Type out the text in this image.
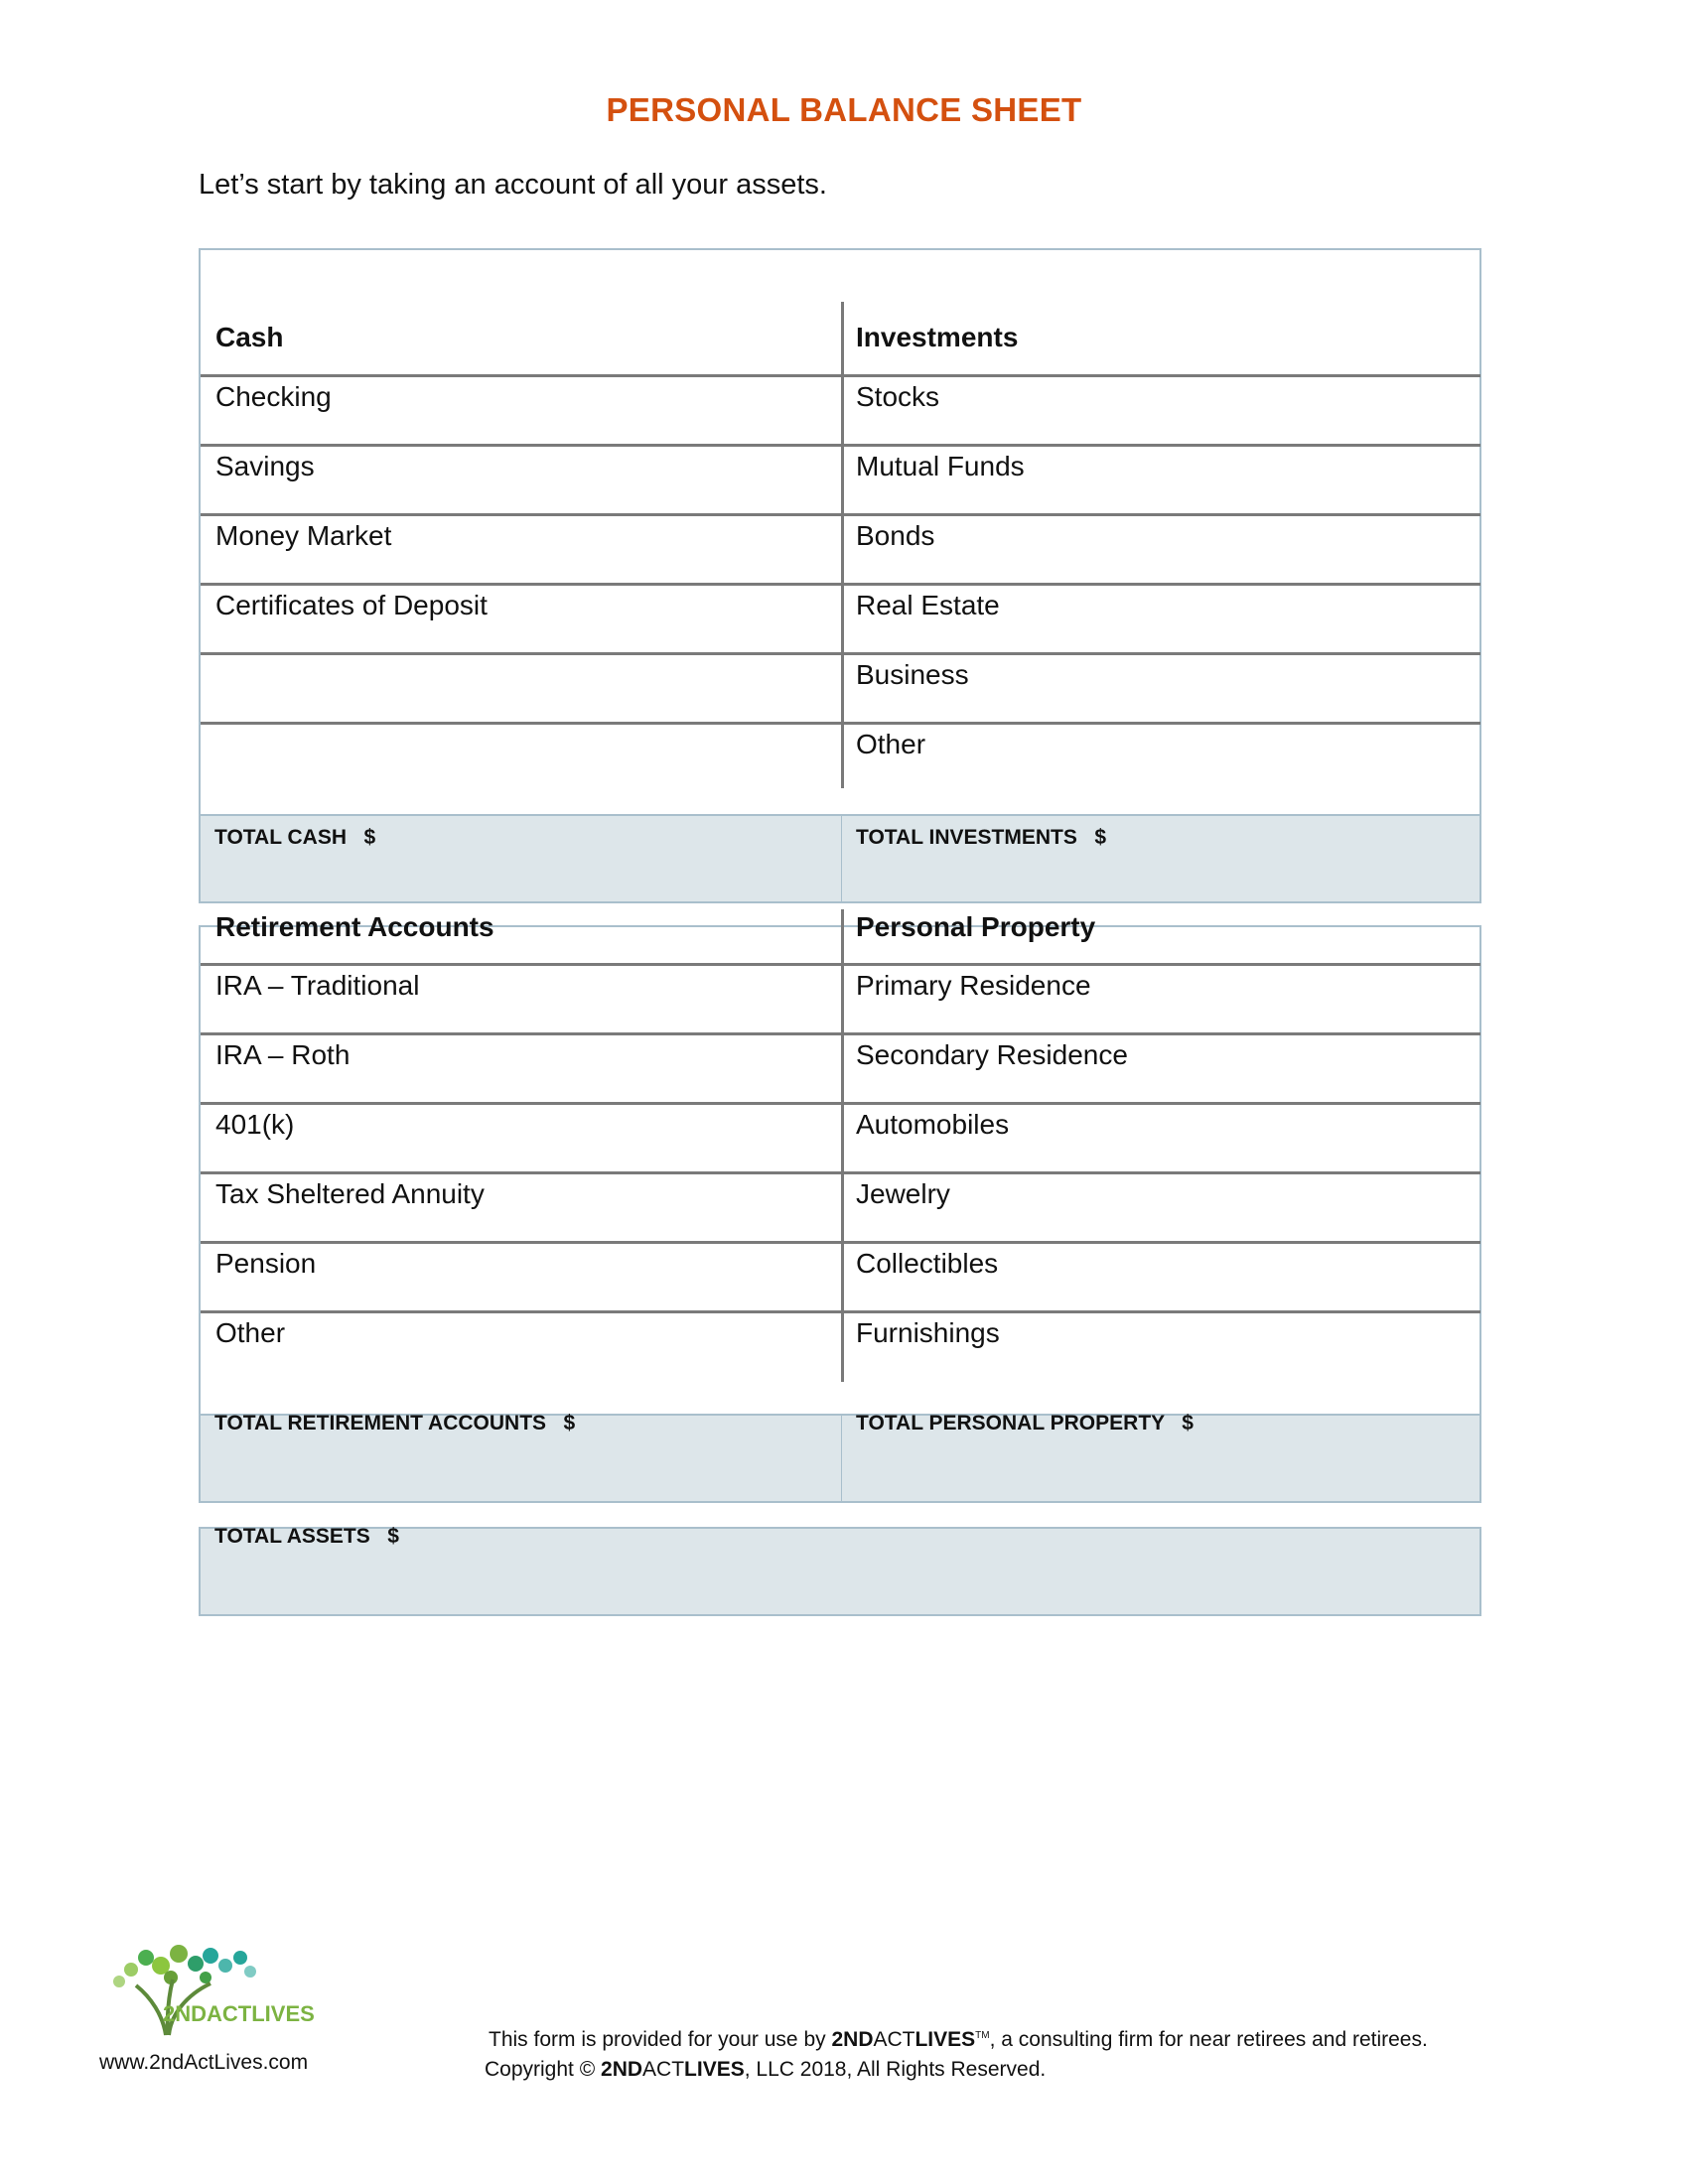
PERSONAL BALANCE SHEET
Let’s start by taking an account of all your assets.
Cash
Checking
Savings
Money Market
Certificates of Deposit
Investments
Stocks
Mutual Funds
Bonds
Real Estate
Business
Other
TOTAL CASH   $	TOTAL INVESTMENTS   $
Retirement Accounts
IRA – Traditional
IRA – Roth
401(k)
Tax Sheltered Annuity
Pension
Other
Personal Property
Primary Residence
Secondary Residence
Automobiles
Jewelry
Collectibles
Furnishings
TOTAL RETIREMENT ACCOUNTS   $	TOTAL PERSONAL PROPERTY   $
TOTAL ASSETS   $
2NDACTLIVES
www.2ndActLives.com
This form is provided for your use by 2NDACTLIVES™, a consulting firm for near retirees and retirees.
Copyright © 2NDACTLIVES, LLC 2018, All Rights Reserved.
